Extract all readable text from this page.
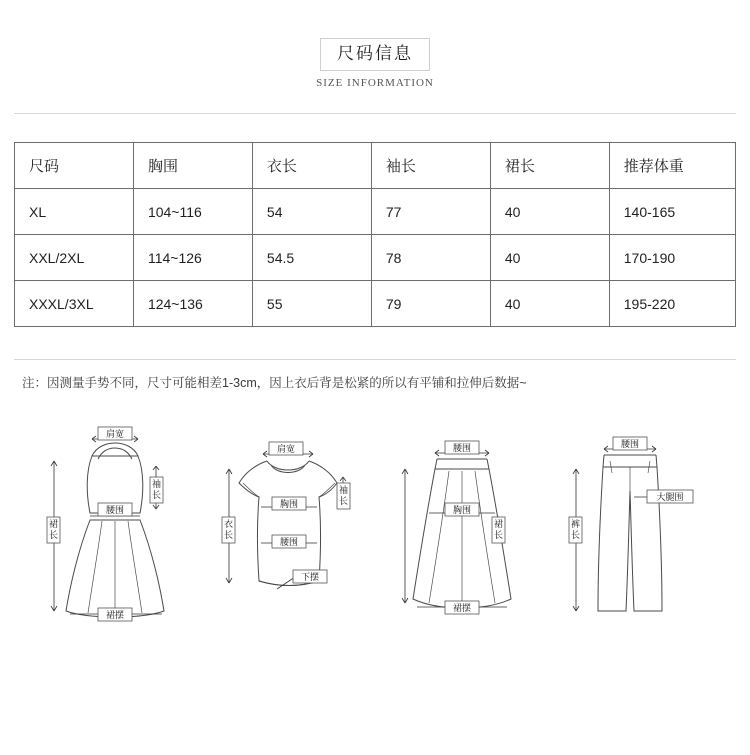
尺码信息
SIZE INFORMATION
尺码	胸围	衣长	袖长	裙长	推荐体重
XL	104~116	54	77	40	140-165
XXL/2XL	114~126	54.5	78	40	170-190
XXXL/3XL	124~136	55	79	40	195-220
注：因测量手势不同，尺寸可能相差1-3cm，因上衣后背是松紧的所以有平铺和拉伸后数据~
肩宽
袖
长
腰围
裙
长
裙摆
肩宽
袖
长
胸围
衣
长
腰围
下摆
腰围
胸围
裙
长
裙摆
腰围
大腿围
裤
长
